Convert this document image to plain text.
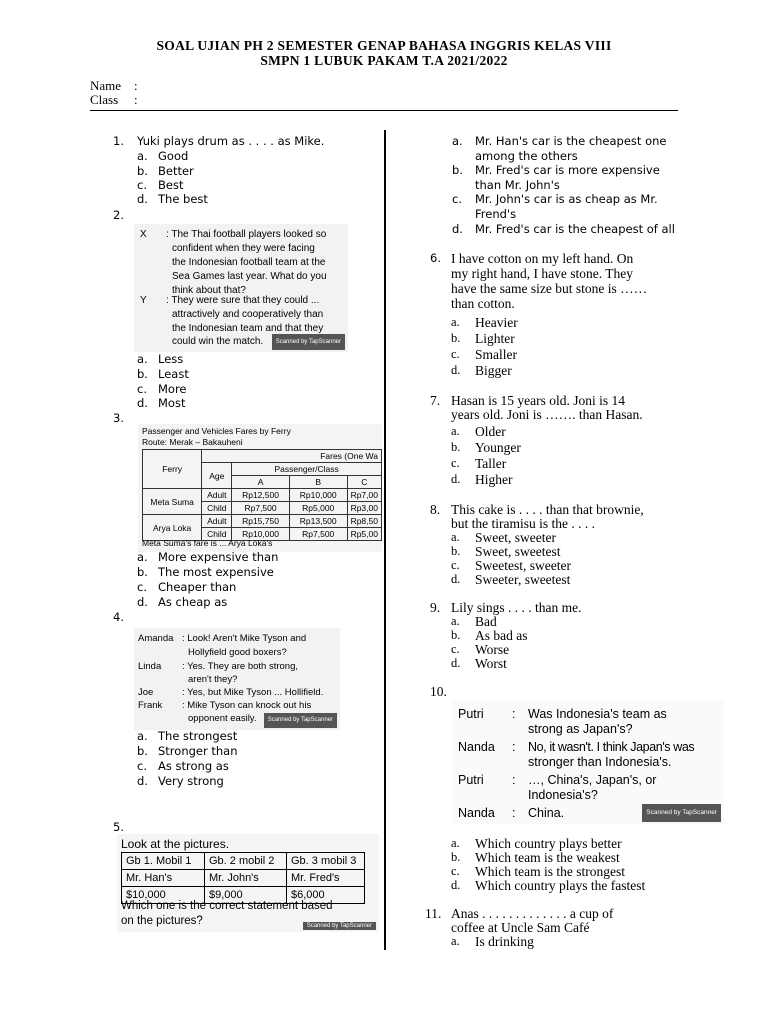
SOAL UJIAN PH 2 SEMESTER GENAP BAHASA INGGRIS KELAS VIII
SMPN 1 LUBUK PAKAM T.A 2021/2022
Name :
Class :
1. Yuki plays drum as . . . . as Mike.
a. Good
b. Better
c. Best
d. The best
2.
X : The Thai football players looked so
confident when they were facing
the Indonesian football team at the
Sea Games last year. What do you
think about that?
Y : They were sure that they could ...
attractively and cooperatively than
the Indonesian team and that they
could win the match.	Scanned by TapScanner
a. Less
b. Least
c. More
d. Most
3.
Passenger and Vehicles Fares by Ferry
Route: Merak – Bakauheni
Ferry	Fares (One Wa			
	Age	Passenger/Class		
		A	B	C
Meta Suma	Adult	Rp12,500	Rp10,000	Rp7,00
	Child	Rp7,500	Rp5,000	Rp3,00
Arya Loka	Adult	Rp15,750	Rp13,500	Rp8,50
	Child	Rp10,000	Rp7,500	Rp5,00
Meta Suma's fare is ... Arya Loka's
a. More expensive than
b. The most expensive
c. Cheaper than
d. As cheap as
4.
Amanda : Look! Aren't Mike Tyson and
Hollyfield good boxers?
Linda : Yes. They are both strong,
aren't they?
Joe	: Yes, but Mike Tyson ... Hollifield.
Frank : Mike Tyson can knock out his
opponent easily.	Scanned by TapScanner
a. The strongest
b. Stronger than
c. As strong as
d. Very strong
5.
Look at the pictures.
Gb 1. Mobil 1	Gb. 2 mobil 2	Gb. 3 mobil 3
Mr. Han's	Mr. John's	Mr. Fred's
$10,000	$9,000	$6,000
Which one is the correct statement based
on the pictures?	Scanned by TapScanner
a. Mr. Han's car is the cheapest one
among the others
b. Mr. Fred's car is more expensive
than Mr. John's
c. Mr. John's car is as cheap as Mr.
Frend's
d. Mr. Fred's car is the cheapest of all
6. I have cotton on my left hand. On
my right hand, I have stone. They
have the same size but stone is ……
than cotton.
a. Heavier
b. Lighter
c. Smaller
d. Bigger
7. Hasan is 15 years old. Joni is 14
years old. Joni is ……. than Hasan.
a. Older
b. Younger
c. Taller
d. Higher
8. This cake is . . . . than that brownie,
but the tiramisu is the . . . .
a. Sweet, sweeter
b. Sweet, sweetest
c. Sweetest, sweeter
d. Sweeter, sweetest
9. Lily sings . . . . than me.
a. Bad
b. As bad as
c. Worse
d. Worst
10.
Putri : Was Indonesia's team as
strong as Japan's?
Nanda : No, it wasn't. I think Japan's was
stronger than Indonesia's.
Putri : …, China's, Japan's, or
Indonesia's?
Nanda : China.	Scanned by TapScanner
a. Which country plays better
b. Which team is the weakest
c. Which team is the strongest
d. Which country plays the fastest
11. Anas . . . . . . . . . . . . . a cup of
coffee at Uncle Sam Café
a. Is drinking
